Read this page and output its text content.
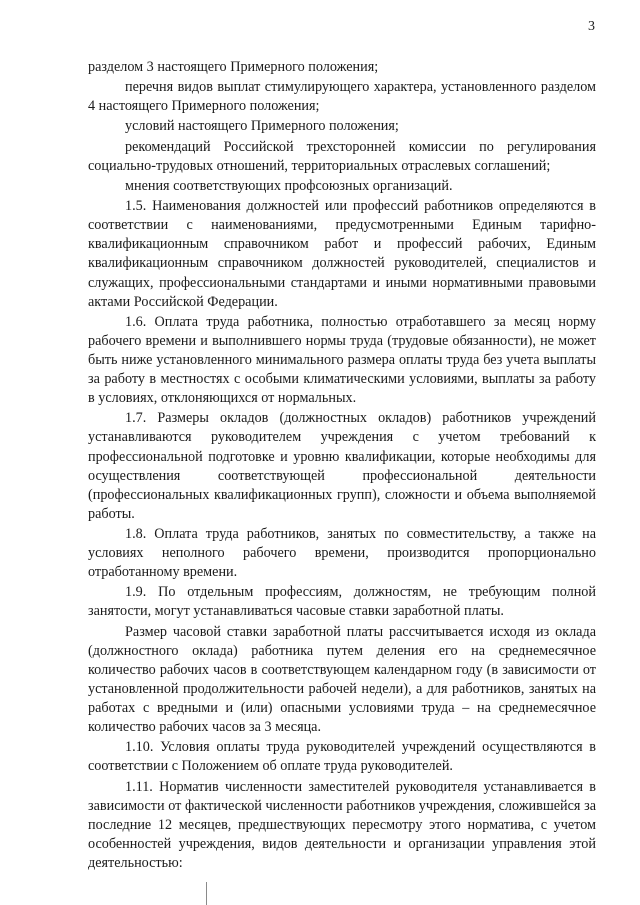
3

разделом 3 настоящего Примерного положения;

перечня видов выплат стимулирующего характера, установленного разделом 4 настоящего Примерного положения;

условий настоящего Примерного положения;

рекомендаций Российской трехсторонней комиссии по регулирования социально-трудовых отношений, территориальных отраслевых соглашений;

мнения соответствующих профсоюзных организаций.

1.5. Наименования должностей или профессий работников определяются в соответствии с наименованиями, предусмотренными Единым тарифно-квалификационным справочником работ и профессий рабочих, Единым квалификационным справочником должностей руководителей, специалистов и служащих, профессиональными стандартами и иными нормативными правовыми актами Российской Федерации.

1.6. Оплата труда работника, полностью отработавшего за месяц норму рабочего времени и выполнившего нормы труда (трудовые обязанности), не может быть ниже установленного минимального размера оплаты труда без учета выплаты за работу в местностях с особыми климатическими условиями, выплаты за работу в условиях, отклоняющихся от нормальных.

1.7. Размеры окладов (должностных окладов) работников учреждений устанавливаются руководителем учреждения с учетом требований к профессиональной подготовке и уровню квалификации, которые необходимы для осуществления соответствующей профессиональной деятельности (профессиональных квалификационных групп), сложности и объема выполняемой работы.

1.8. Оплата труда работников, занятых по совместительству, а также на условиях неполного рабочего времени, производится пропорционально отработанному времени.

1.9. По отдельным профессиям, должностям, не требующим полной занятости, могут устанавливаться часовые ставки заработной платы.

Размер часовой ставки заработной платы рассчитывается исходя из оклада (должностного оклада) работника путем деления его на среднемесячное количество рабочих часов в соответствующем календарном году (в зависимости от установленной продолжительности рабочей недели), а для работников, занятых на работах с вредными и (или) опасными условиями труда – на среднемесячное количество рабочих часов за 3 месяца.

1.10. Условия оплаты труда руководителей учреждений осуществляются в соответствии с Положением об оплате труда руководителей.

1.11. Норматив численности заместителей руководителя устанавливается в зависимости от фактической численности работников учреждения, сложившейся за последние 12 месяцев, предшествующих пересмотру этого норматива, с учетом особенностей учреждения, видов деятельности и организации управления этой деятельностью:
